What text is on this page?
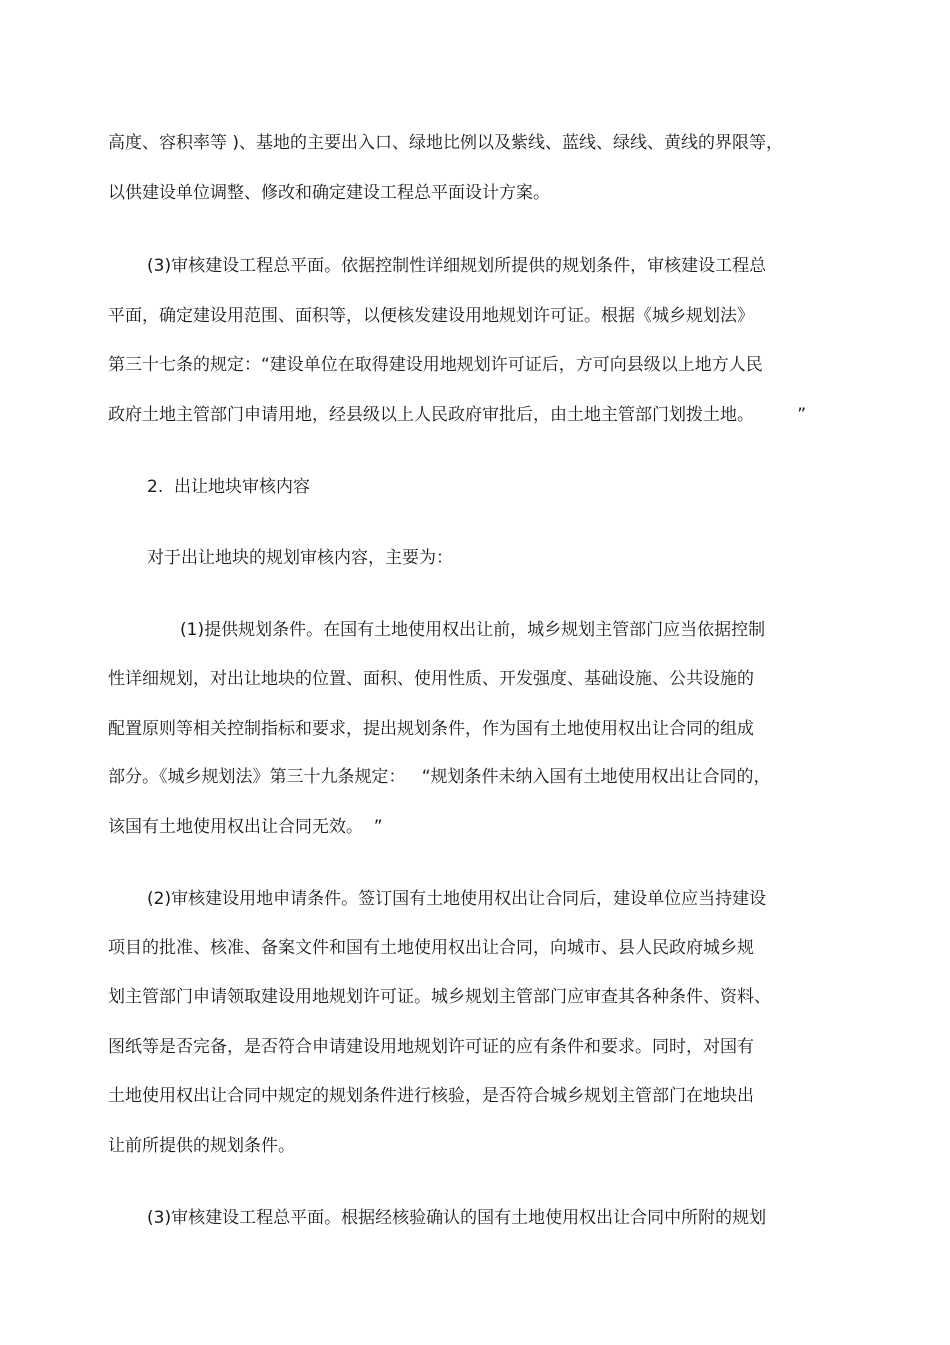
高度、容积率等 )、基地的主要出入口、绿地比例以及紫线、蓝线、绿线、黄线的界限等，
以供建设单位调整、修改和确定建设工程总平面设计方案。
(3)审核建设工程总平面。依据控制性详细规划所提供的规划条件，审核建设工程总
平面，确定建设用范围、面积等，以便核发建设用地规划许可证。根据《城乡规划法》
第三十七条的规定：“建设单位在取得建设用地规划许可证后，方可向县级以上地方人民
政府土地主管部门申请用地，经县级以上人民政府审批后，由土地主管部门划拨土地。        ”
2.  出让地块审核内容
对于出让地块的规划审核内容，主要为：
(1)提供规划条件。在国有土地使用权出让前，城乡规划主管部门应当依据控制
性详细规划，对出让地块的位置、面积、使用性质、开发强度、基础设施、公共设施的
配置原则等相关控制指标和要求，提出规划条件，作为国有土地使用权出让合同的组成
部分。《城乡规划法》第三十九条规定：   “规划条件未纳入国有土地使用权出让合同的，
该国有土地使用权出让合同无效。  ”
(2)审核建设用地申请条件。签订国有土地使用权出让合同后，建设单位应当持建设
项目的批准、核准、备案文件和国有土地使用权出让合同，向城市、县人民政府城乡规
划主管部门申请领取建设用地规划许可证。城乡规划主管部门应审查其各种条件、资料、
图纸等是否完备，是否符合申请建设用地规划许可证的应有条件和要求。同时，对国有
土地使用权出让合同中规定的规划条件进行核验，是否符合城乡规划主管部门在地块出
让前所提供的规划条件。
(3)审核建设工程总平面。根据经核验确认的国有土地使用权出让合同中所附的规划
